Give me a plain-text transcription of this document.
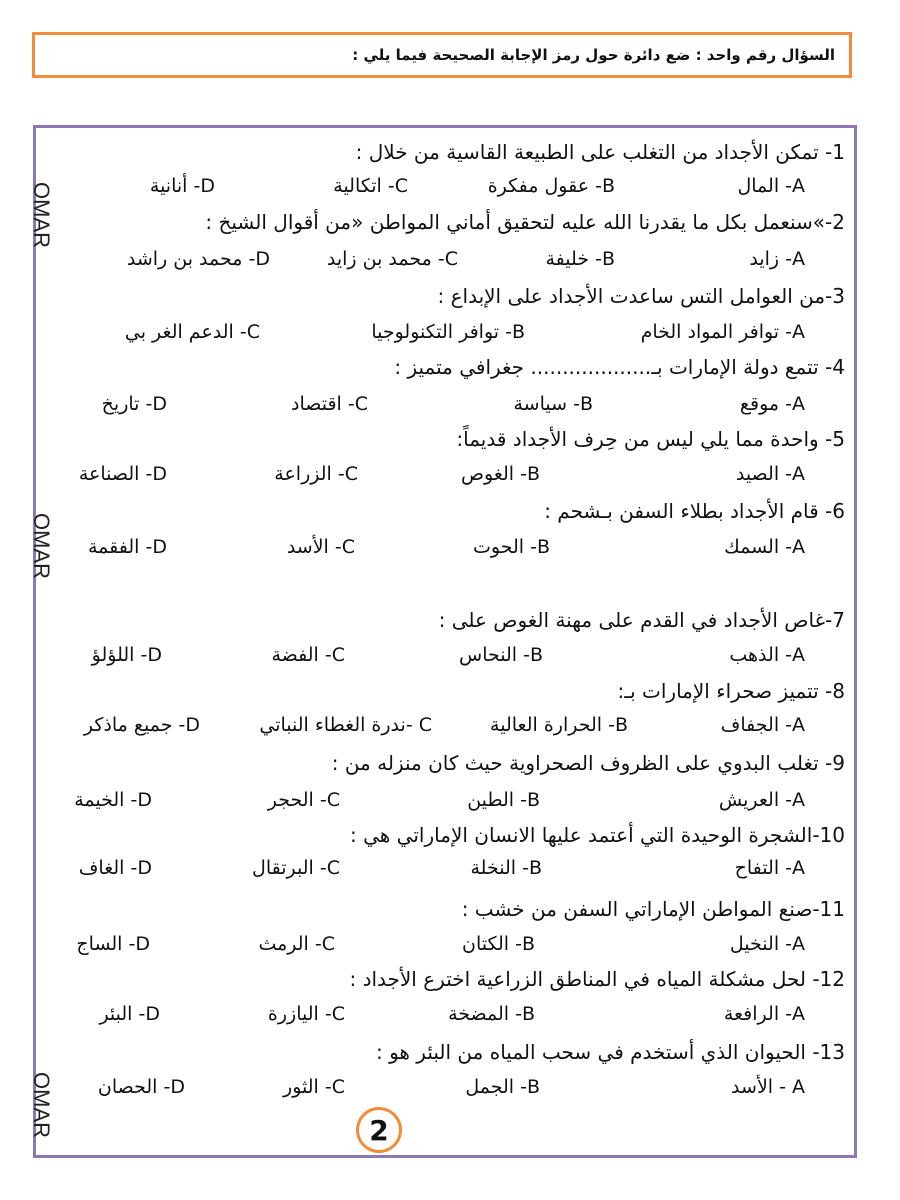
السؤال رقم واحد : ضع دائرة حول رمز الإجابة الصحيحة فيما يلي :
OMAR
OMAR
OMAR
1- تمكن الأجداد من التغلب على الطبيعة القاسية من خلال :
A- المال
B- عقول مفكرة
C- اتكالية
D- أنانية
2-»سنعمل بكل ما يقدرنا الله عليه لتحقيق أماني المواطن «من أقوال الشيخ :
A- زايد
B- خليفة
C- محمد بن زايد
D- محمد بن راشد
3-من العوامل التس ساعدت الأجداد على الإبداع :
A- توافر المواد الخام
B- توافر التكنولوجيا
C- الدعم الغر بي
4- تتمع دولة الإمارات بـ................... جغرافي متميز :
A- موقع
B- سياسة
C- اقتصاد
D- تاريخ
5- واحدة مما يلي ليس من حِرف الأجداد قديماً:
A- الصيد
B- الغوص
C- الزراعة
D- الصناعة
6- قام الأجداد بطلاء السفن بـشحم :
A- السمك
B- الحوت
C- الأسد
D- الفقمة
7-غاص الأجداد في القدم على مهنة الغوص على :
A- الذهب
B- النحاس
C- الفضة
D- اللؤلؤ
8- تتميز صحراء الإمارات بـ:
A- الجفاف
B- الحرارة العالية
C -ندرة الغطاء النباتي
D- جميع ماذكر
9- تغلب البدوي على الظروف الصحراوية حيث كان منزله من :
A- العريش
B- الطين
C- الحجر
D- الخيمة
10-الشجرة الوحيدة التي أعتمد عليها الانسان الإماراتي هي :
A- التفاح
B- النخلة
C- البرتقال
D- الغاف
11-صنع المواطن الإماراتي السفن من خشب :
A- النخيل
B- الكتان
C- الرمث
D- الساج
12- لحل مشكلة المياه في المناطق الزراعية اخترع الأجداد :
A- الرافعة
B- المضخة
C- اليازرة
D- البئر
13- الحيوان الذي أستخدم في سحب المياه من البئر هو :
A - الأسد
B- الجمل
C- الثور
D- الحصان
2
